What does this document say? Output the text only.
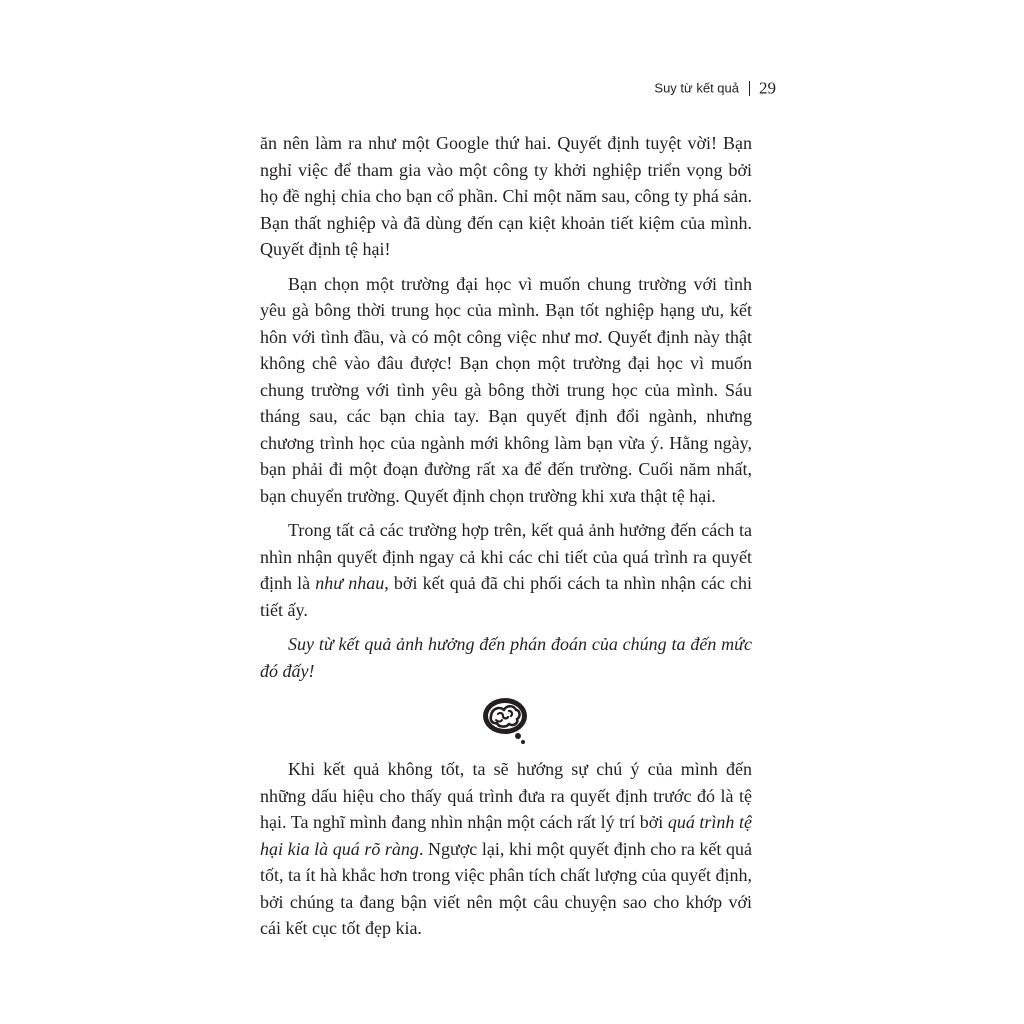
Suy từ kết quả 29

ăn nên làm ra như một Google thứ hai. Quyết định tuyệt vời! Bạn nghỉ việc để tham gia vào một công ty khởi nghiệp triển vọng bởi họ đề nghị chia cho bạn cổ phần. Chỉ một năm sau, công ty phá sản. Bạn thất nghiệp và đã dùng đến cạn kiệt khoản tiết kiệm của mình. Quyết định tệ hại!

Bạn chọn một trường đại học vì muốn chung trường với tình yêu gà bông thời trung học của mình. Bạn tốt nghiệp hạng ưu, kết hôn với tình đầu, và có một công việc như mơ. Quyết định này thật không chê vào đâu được! Bạn chọn một trường đại học vì muốn chung trường với tình yêu gà bông thời trung học của mình. Sáu tháng sau, các bạn chia tay. Bạn quyết định đổi ngành, nhưng chương trình học của ngành mới không làm bạn vừa ý. Hằng ngày, bạn phải đi một đoạn đường rất xa để đến trường. Cuối năm nhất, bạn chuyển trường. Quyết định chọn trường khi xưa thật tệ hại.

Trong tất cả các trường hợp trên, kết quả ảnh hưởng đến cách ta nhìn nhận quyết định ngay cả khi các chi tiết của quá trình ra quyết định là như nhau, bởi kết quả đã chi phối cách ta nhìn nhận các chi tiết ấy.

Suy từ kết quả ảnh hưởng đến phán đoán của chúng ta đến mức đó đấy!

Khi kết quả không tốt, ta sẽ hướng sự chú ý của mình đến những dấu hiệu cho thấy quá trình đưa ra quyết định trước đó là tệ hại. Ta nghĩ mình đang nhìn nhận một cách rất lý trí bởi quá trình tệ hại kia là quá rõ ràng. Ngược lại, khi một quyết định cho ra kết quả tốt, ta ít hà khắc hơn trong việc phân tích chất lượng của quyết định, bởi chúng ta đang bận viết nên một câu chuyện sao cho khớp với cái kết cục tốt đẹp kia.
